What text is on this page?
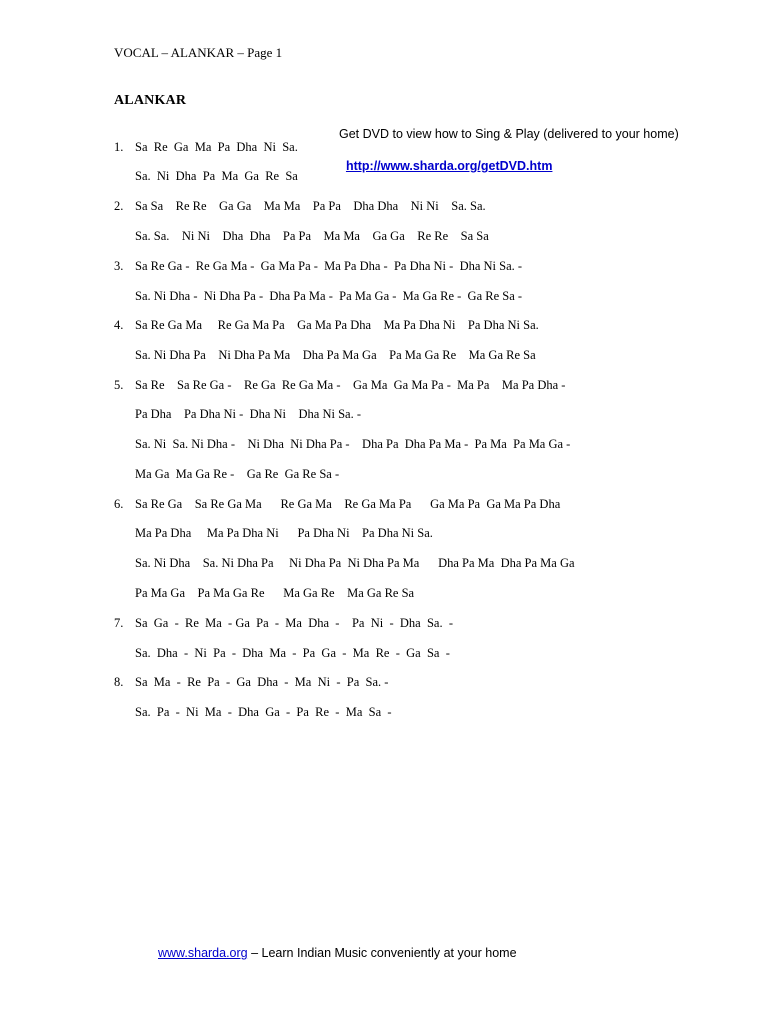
VOCAL – ALANKAR – Page 1
ALANKAR

Get DVD to view how to Sing & Play (delivered to your home)

http://www.sharda.org/getDVD.htm

1. Sa  Re  Ga  Ma  Pa  Dha  Ni  Sa.
Sa.  Ni  Dha  Pa  Ma  Ga  Re  Sa
2. Sa Sa    Re Re    Ga Ga    Ma Ma    Pa Pa    Dha Dha    Ni Ni    Sa. Sa.
Sa. Sa.    Ni Ni    Dha  Dha    Pa Pa    Ma Ma    Ga Ga    Re Re    Sa Sa
3. Sa Re Ga -  Re Ga Ma -  Ga Ma Pa -  Ma Pa Dha -  Pa Dha Ni -  Dha Ni Sa. -
Sa. Ni Dha -  Ni Dha Pa -  Dha Pa Ma -  Pa Ma Ga -  Ma Ga Re -  Ga Re Sa -
4. Sa Re Ga Ma     Re Ga Ma Pa    Ga Ma Pa Dha    Ma Pa Dha Ni    Pa Dha Ni Sa.
Sa. Ni Dha Pa    Ni Dha Pa Ma    Dha Pa Ma Ga    Pa Ma Ga Re    Ma Ga Re Sa
5. Sa Re    Sa Re Ga -    Re Ga  Re Ga Ma -    Ga Ma  Ga Ma Pa -  Ma Pa    Ma Pa Dha -
Pa Dha    Pa Dha Ni -  Dha Ni    Dha Ni Sa. -
Sa. Ni  Sa. Ni Dha -    Ni Dha  Ni Dha Pa -    Dha Pa  Dha Pa Ma -  Pa Ma  Pa Ma Ga -
Ma Ga  Ma Ga Re -    Ga Re  Ga Re Sa -
6. Sa Re Ga    Sa Re Ga Ma      Re Ga Ma    Re Ga Ma Pa      Ga Ma Pa  Ga Ma Pa Dha
Ma Pa Dha     Ma Pa Dha Ni      Pa Dha Ni    Pa Dha Ni Sa.
Sa. Ni Dha    Sa. Ni Dha Pa     Ni Dha Pa  Ni Dha Pa Ma      Dha Pa Ma  Dha Pa Ma Ga
Pa Ma Ga    Pa Ma Ga Re      Ma Ga Re    Ma Ga Re Sa
7. Sa  Ga  -  Re  Ma  - Ga  Pa  -  Ma  Dha  -    Pa  Ni  -  Dha  Sa.  -
Sa.  Dha  -  Ni  Pa  -  Dha  Ma  -  Pa  Ga  -  Ma  Re  -  Ga  Sa  -
8. Sa  Ma  -  Re  Pa  -  Ga  Dha  -  Ma  Ni  -  Pa  Sa. -
Sa.  Pa  -  Ni  Ma  -  Dha  Ga  -  Pa  Re  -  Ma  Sa  -
www.sharda.org – Learn Indian Music conveniently at your home
